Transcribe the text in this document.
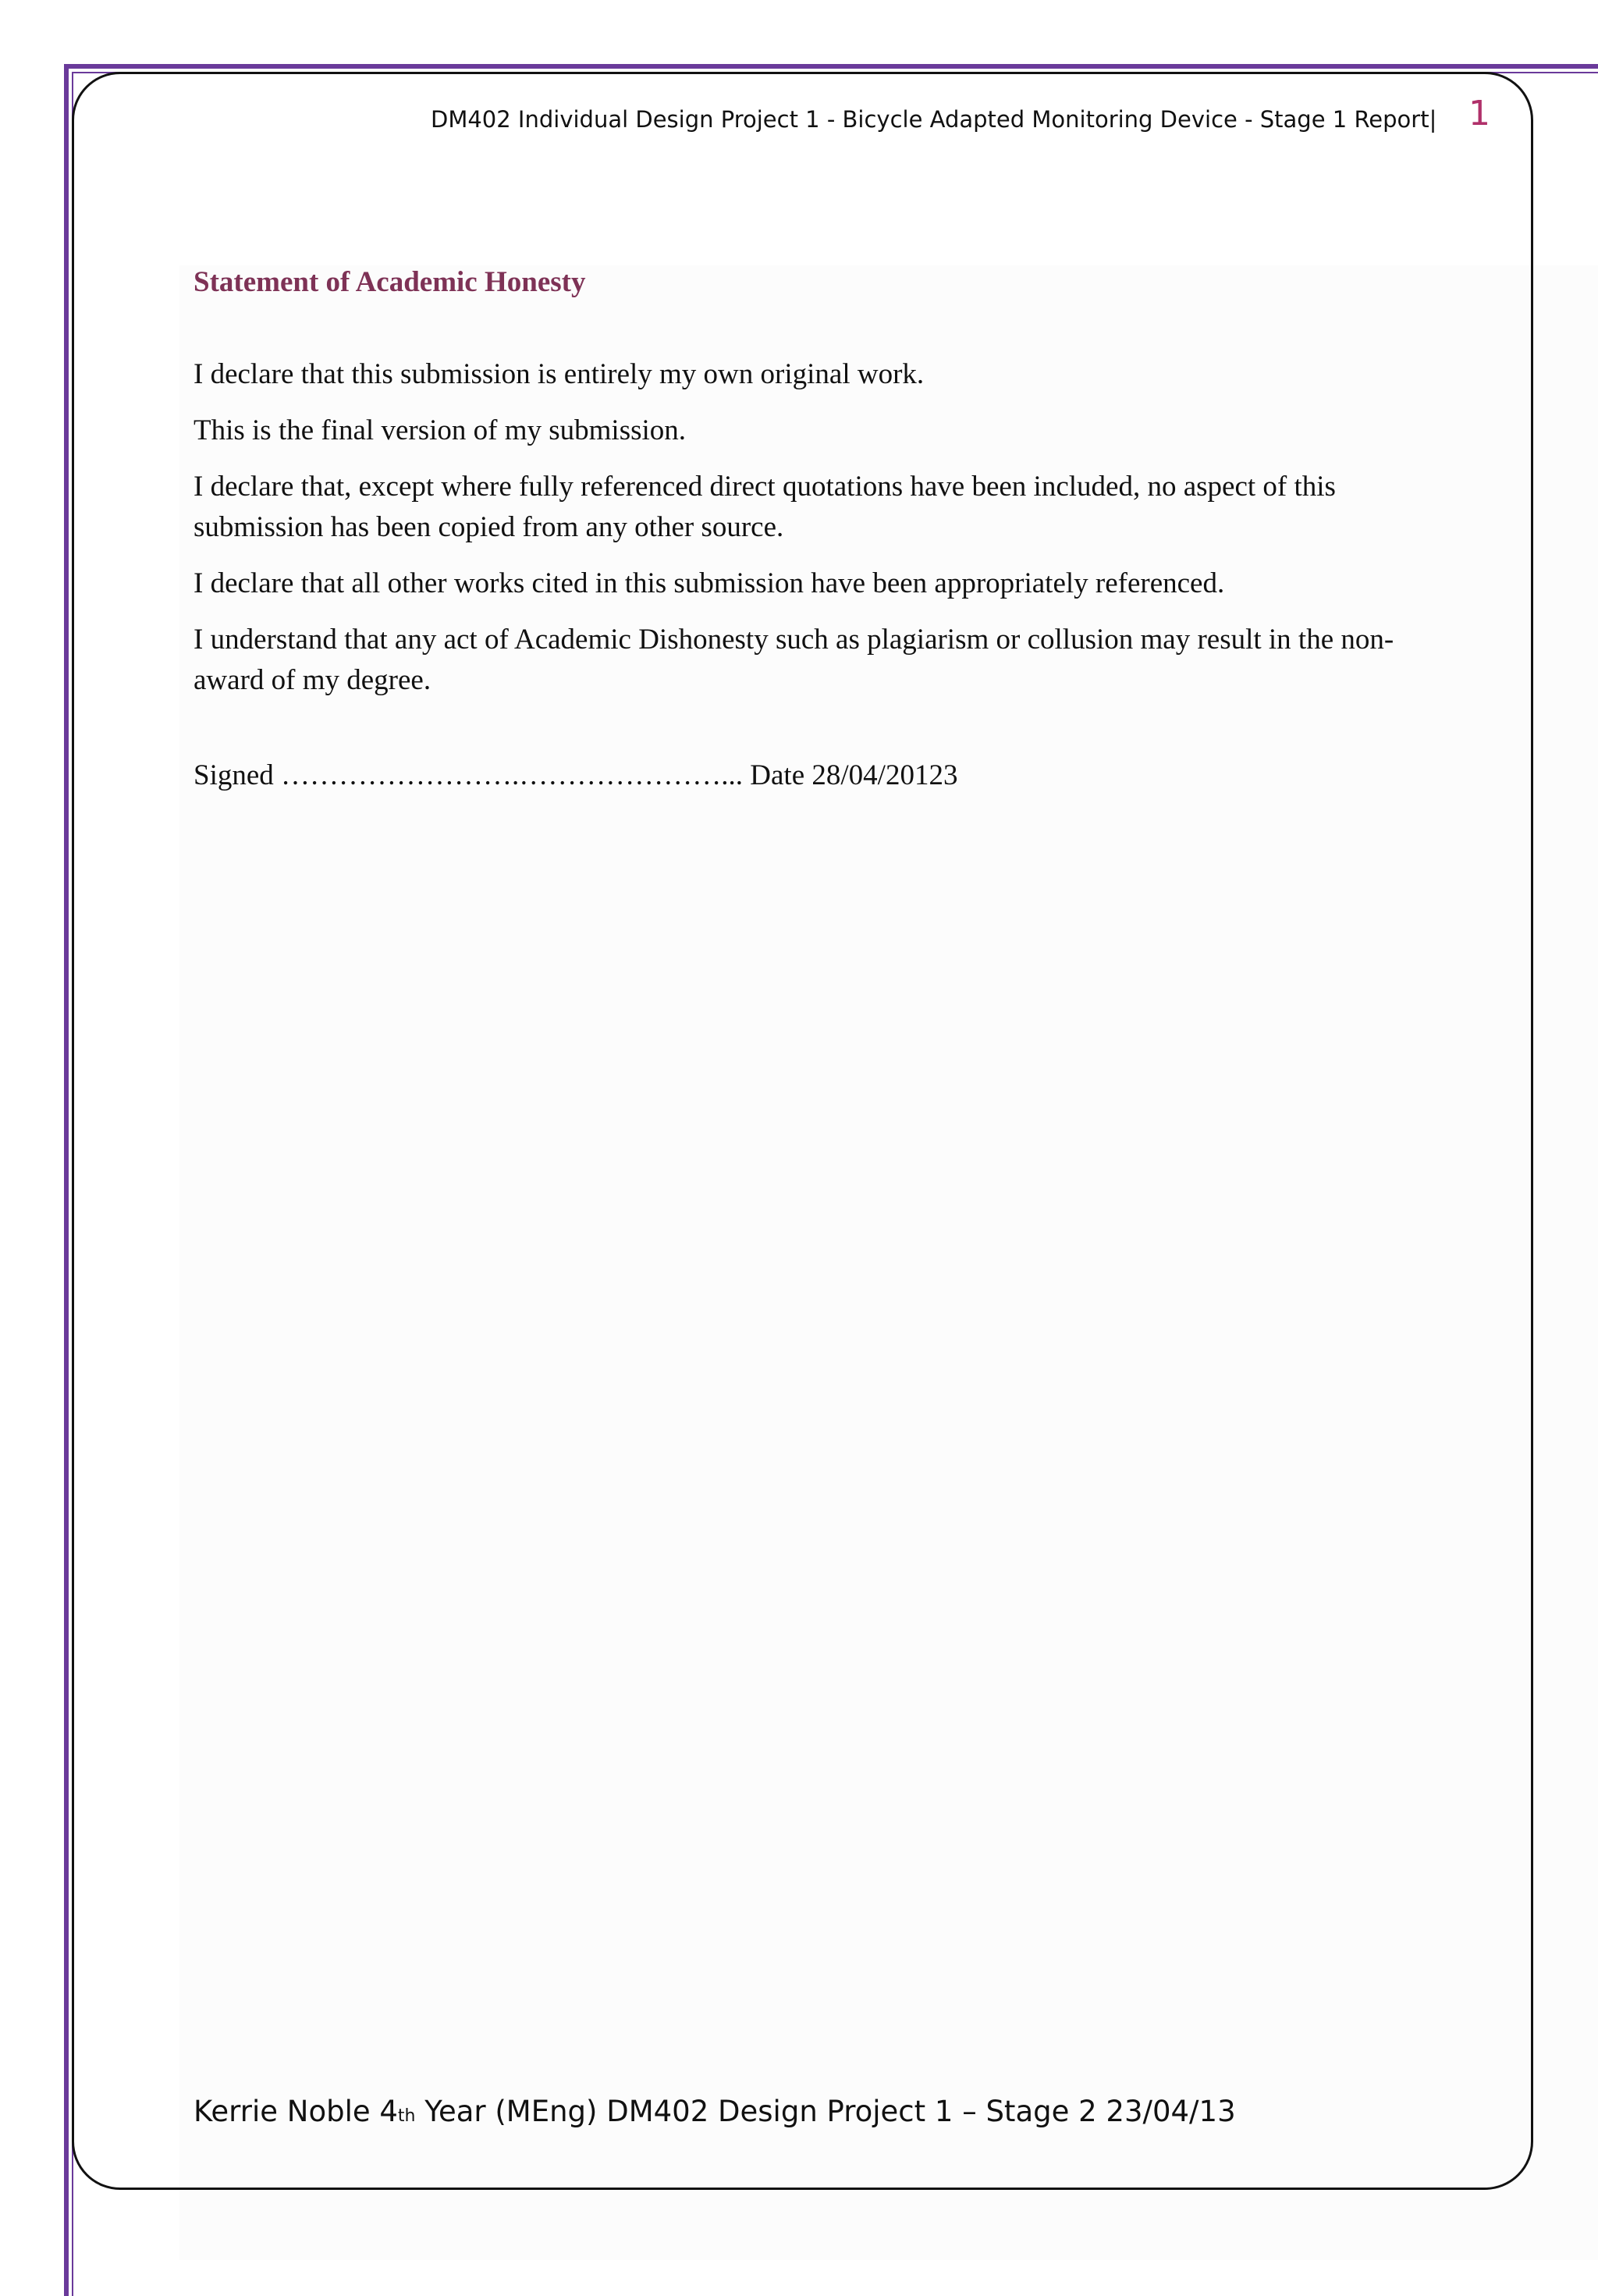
DM402 Individual Design Project 1 - Bicycle Adapted Monitoring Device - Stage 1 Report| 1
Statement of Academic Honesty

I declare that this submission is entirely my own original work.

This is the final version of my submission.

I declare that, except where fully referenced direct quotations have been included, no aspect of this submission has been copied from any other source.

I declare that all other works cited in this submission have been appropriately referenced.

I understand that any act of Academic Dishonesty such as plagiarism or collusion may result in the non-award of my degree.

Signed …………………….…………………... Date 28/04/20123
Kerrie Noble 4th Year (MEng) DM402 Design Project 1 – Stage 2 23/04/13
